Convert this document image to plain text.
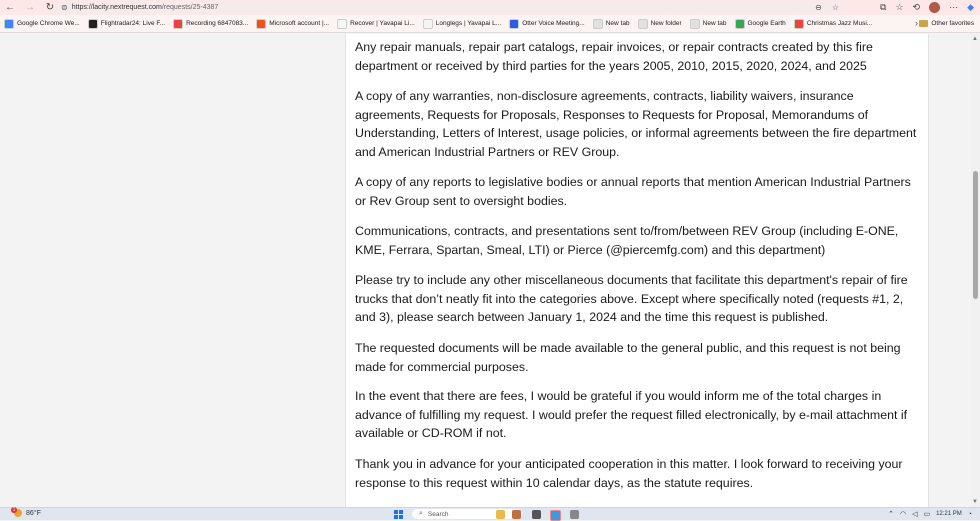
← → ↻ ⊜ https://lacity.nextrequest.com/requests/25-4387	⊖ ☆	⧉ ☆ ⟲	⋯ ◆
Google Chrome We...	Flightradar24: Live F...	Recording 6847083...	Microsoft account |...	Recover | Yavapai Li...	Longlegs | Yavapai L...	Otter Voice Meeting...	New tab	New folder	New tab	Google Earth	Christmas Jazz Musi...	› Other favorites

Any repair manuals, repair part catalogs, repair invoices, or repair contracts created by this fire department or received by third parties for the years 2005, 2010, 2015, 2020, 2024, and 2025

A copy of any warranties, non-disclosure agreements, contracts, liability waivers, insurance agreements, Requests for Proposals, Responses to Requests for Proposal, Memorandums of Understanding, Letters of Interest, usage policies, or informal agreements between the fire department and American Industrial Partners or REV Group.

A copy of any reports to legislative bodies or annual reports that mention American Industrial Partners or Rev Group sent to oversight bodies.

Communications, contracts, and presentations sent to/from/between REV Group (including E-ONE, KME, Ferrara, Spartan, Smeal, LTI) or Pierce (@piercemfg.com) and this department)

Please try to include any other miscellaneous documents that facilitate this department's repair of fire trucks that don’t neatly fit into the categories above. Except where specifically noted (requests #1, 2, and 3), please search between January 1, 2024 and the time this request is published.

The requested documents will be made available to the general public, and this request is not being made for commercial purposes.

In the event that there are fees, I would be grateful if you would inform me of the total charges in advance of fulfilling my request. I would prefer the request filled electronically, by e-mail attachment if available or CD-ROM if not.

Thank you in advance for your anticipated cooperation in this matter. I look forward to receiving your response to this request within 10 calendar days, as the statute requires.

▲
▼
1 86°F	⌕ Search	⌃ ◠ ◁ ▭ 12:21 PM ◔
